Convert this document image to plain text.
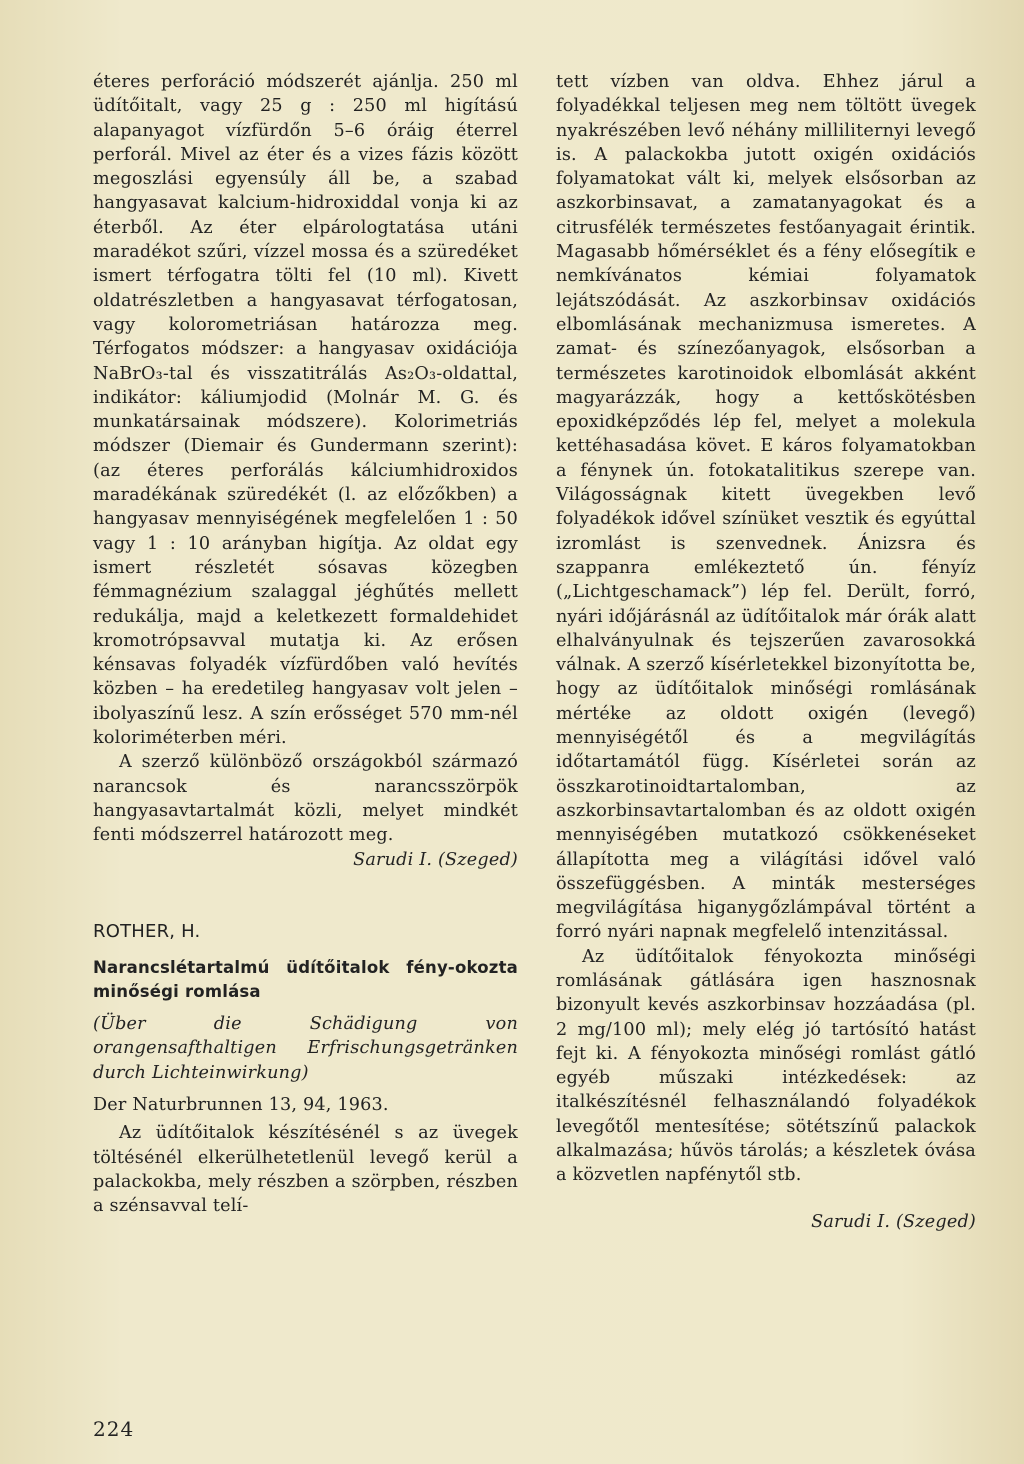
éteres perforáció módszerét ajánlja. 250 ml üdítőitalt, vagy 25 g : 250 ml higítású alapanyagot vízfürdőn 5–6 óráig éterrel perforál. Mivel az éter és a vizes fázis között megoszlási egyensúly áll be, a szabad hangyasavat kalcium-hidroxiddal vonja ki az éterből. Az éter elpárologtatása utáni maradékot szűri, vízzel mossa és a szüredéket ismert térfogatra tölti fel (10 ml). Kivett oldatrészletben a hangyasavat térfogatosan, vagy kolorometriásan határozza meg. Térfogatos módszer: a hangyasav oxidációja NaBrO₃-tal és visszatitrálás As₂O₃-oldattal, indikátor: káliumjodid (Molnár M. G. és munkatársainak módszere). Kolorimetriás módszer (Diemair és Gundermann szerint): (az éteres perforálás kálciumhidroxidos maradékának szüredékét (l. az előzőkben) a hangyasav mennyiségének megfelelően 1 : 50 vagy 1 : 10 arányban higítja. Az oldat egy ismert részletét sósavas közegben fémmagnézium szalaggal jéghűtés mellett redukálja, majd a keletkezett formaldehidet kromotrópsavval mutatja ki. Az erősen kénsavas folyadék vízfürdőben való hevítés közben – ha eredetileg hangyasav volt jelen – ibolyaszínű lesz. A szín erősséget 570 mm-nél koloriméterben méri.

A szerző különböző országokból származó narancsok és narancsszörpök hangyasavtartalmát közli, melyet mindkét fenti módszerrel határozott meg.

Sarudi I. (Szeged)

ROTHER, H.

Narancslétartalmú üdítőitalok fény-okozta minőségi romlása

(Über die Schädigung von orangensafthaltigen Erfrischungsgetränken durch Lichteinwirkung)

Der Naturbrunnen 13, 94, 1963.

Az üdítőitalok készítésénél s az üvegek töltésénél elkerülhetetlenül levegő kerül a palackokba, mely részben a szörpben, részben a szénsavval telí-

tett vízben van oldva. Ehhez járul a folyadékkal teljesen meg nem töltött üvegek nyakrészében levő néhány milliliternyi levegő is. A palackokba jutott oxigén oxidációs folyamatokat vált ki, melyek elsősorban az aszkorbinsavat, a zamatanyagokat és a citrusfélék természetes festőanyagait érintik. Magasabb hőmérséklet és a fény elősegítik e nemkívánatos kémiai folyamatok lejátszódását. Az aszkorbinsav oxidációs elbomlásának mechanizmusa ismeretes. A zamat- és színezőanyagok, elsősorban a természetes karotinoidok elbomlását akként magyarázzák, hogy a kettőskötésben epoxidképződés lép fel, melyet a molekula kettéhasadása követ. E káros folyamatokban a fénynek ún. fotokatalitikus szerepe van. Világosságnak kitett üvegekben levő folyadékok idővel színüket vesztik és egyúttal izromlást is szenvednek. Ánizsra és szappanra emlékeztető ún. fényíz („Lichtgeschamack”) lép fel. Derült, forró, nyári időjárásnál az üdítőitalok már órák alatt elhalványulnak és tejszerűen zavarosokká válnak. A szerző kísérletekkel bizonyította be, hogy az üdítőitalok minőségi romlásának mértéke az oldott oxigén (levegő) mennyiségétől és a megvilágítás időtartamától függ. Kísérletei során az összkarotinoidtartalomban, az aszkorbinsavtartalomban és az oldott oxigén mennyiségében mutatkozó csökkenéseket állapította meg a világítási idővel való összefüggésben. A minták mesterséges megvilágítása higanygőzlámpával történt a forró nyári napnak megfelelő intenzitással.

Az üdítőitalok fényokozta minőségi romlásának gátlására igen hasznosnak bizonyult kevés aszkorbinsav hozzáadása (pl. 2 mg/100 ml); mely elég jó tartósító hatást fejt ki. A fényokozta minőségi romlást gátló egyéb műszaki intézkedések: az italkészítésnél felhasználandó folyadékok levegőtől mentesítése; sötétszínű palackok alkalmazása; hűvös tárolás; a készletek óvása a közvetlen napfénytől stb.

Sarudi I. (Szeged)

224
